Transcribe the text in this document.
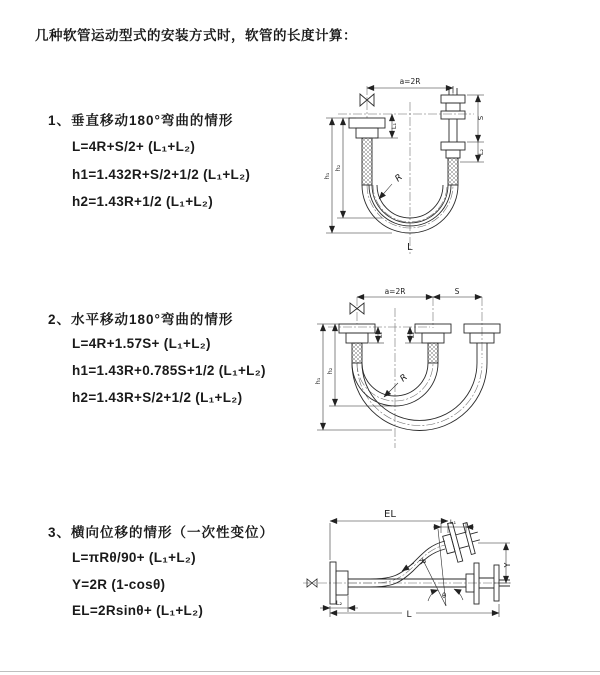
几种软管运动型式的安装方式时，软管的长度计算：
1、垂直移动180°弯曲的情形
L=4R+S/2+ (L₁+L₂)
h1=1.432R+S/2+1/2 (L₁+L₂)
h2=1.43R+1/2 (L₁+L₂)
2、水平移动180°弯曲的情形
L=4R+1.57S+ (L₁+L₂)
h1=1.43R+0.785S+1/2 (L₁+L₂)
h2=1.43R+S/2+1/2 (L₁+L₂)
3、横向位移的情形（一次性变位）
L=πRθ/90+ (L₁+L₂)
Y=2R (1-cosθ)
EL=2Rsinθ+ (L₁+L₂)
a=2R
S
L₂
h₁
h₂
L₁
R
L
a=2R	S
h₁
h₂
L₁	L₂
R
EL
L₁
L₂
Y
L
R
θ
